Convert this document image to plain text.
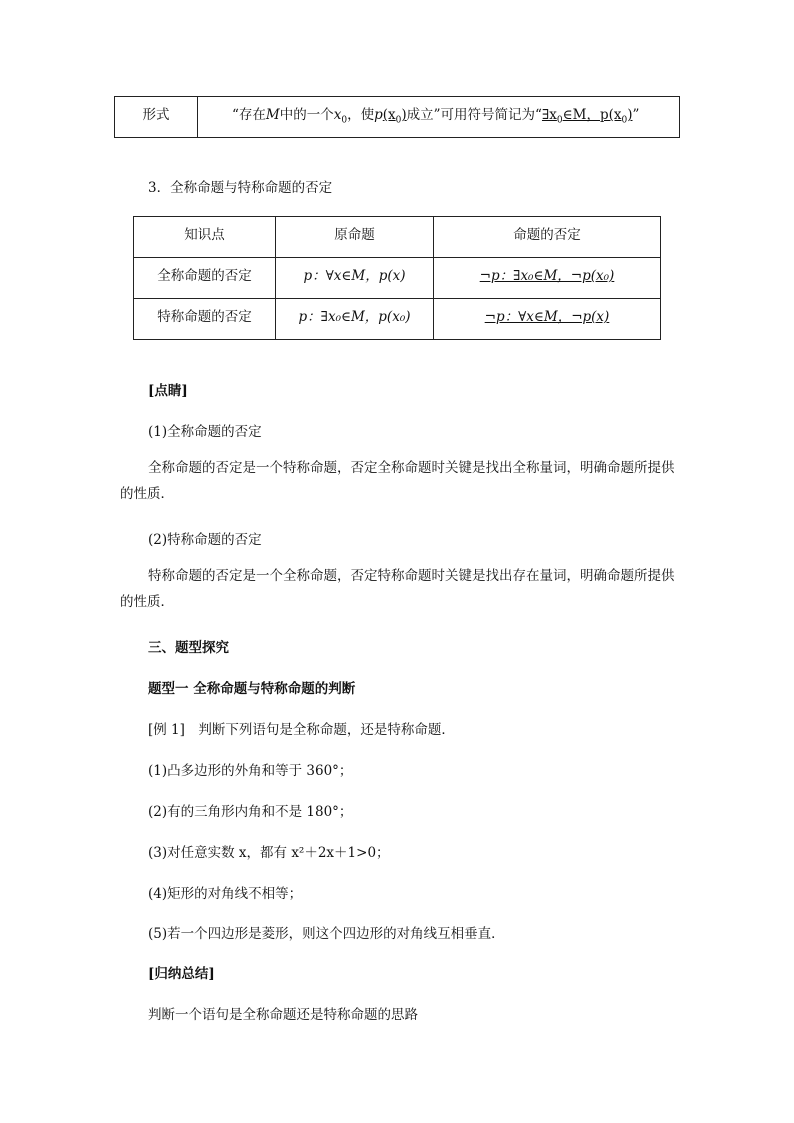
形式	“存在M中的一个$x_0$，使$p(x_0)$成立”可用符号简记为“$\exists x_0\in M$，$p(x_0)$”
3．全称命题与特称命题的否定
知识点	原命题	命题的否定

全称命题的否定	p：∀x∈M，p(x)	¬p：∃x₀∈M，¬p(x₀)

特称命题的否定	p：∃x₀∈M，p(x₀)	¬p：∀x∈M，¬p(x)
[点睛]
(1)全称命题的否定
全称命题的否定是一个特称命题，否定全称命题时关键是找出全称量词，明确命题所提供的性质．
(2)特称命题的否定
特称命题的否定是一个全称命题，否定特称命题时关键是找出存在量词，明确命题所提供的性质．
三、题型探究
题型一 全称命题与特称命题的判断
[例 1]　判断下列语句是全称命题，还是特称命题．
(1)凸多边形的外角和等于 360°；
(2)有的三角形内角和不是 180°；
(3)对任意实数 x，都有 x²＋2x＋1>0；
(4)矩形的对角线不相等；
(5)若一个四边形是菱形，则这个四边形的对角线互相垂直．
[归纳总结]
判断一个语句是全称命题还是特称命题的思路
